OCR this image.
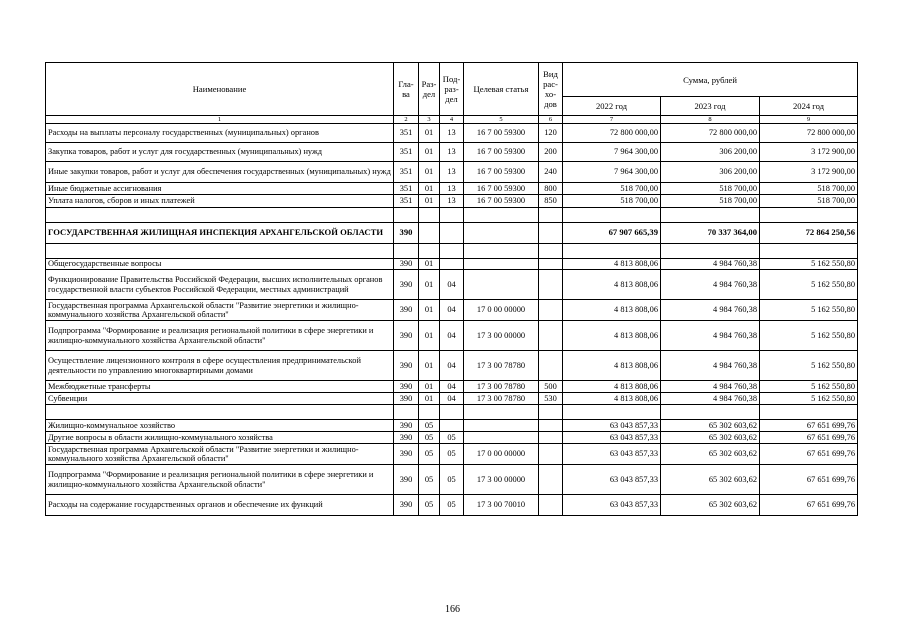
Наименование	Гла-ва	Раз-дел	Под-раз-дел	Целевая статья	Вид рас-хо-дов	Сумма, рублей		
						2022 год	2023 год	2024 год
1	2	3	4	5	6	7	8	9
Расходы на выплаты персоналу государственных (муниципальных) органов	351	01	13	16 7 00 59300	120	72 800 000,00	72 800 000,00	72 800 000,00
Закупка товаров, работ и услуг для государственных (муниципальных) нужд	351	01	13	16 7 00 59300	200	7 964 300,00	306 200,00	3 172 900,00
Иные закупки товаров, работ и услуг для обеспечения государственных (муниципальных) нужд	351	01	13	16 7 00 59300	240	7 964 300,00	306 200,00	3 172 900,00
Иные бюджетные ассигнования	351	01	13	16 7 00 59300	800	518 700,00	518 700,00	518 700,00
Уплата налогов, сборов и иных платежей	351	01	13	16 7 00 59300	850	518 700,00	518 700,00	518 700,00

ГОСУДАРСТВЕННАЯ ЖИЛИЩНАЯ ИНСПЕКЦИЯ АРХАНГЕЛЬСКОЙ ОБЛАСТИ	390					67 907 665,39	70 337 364,00	72 864 250,56

Общегосударственные вопросы	390	01				4 813 808,06	4 984 760,38	5 162 550,80
Функционирование Правительства Российской Федерации, высших исполнительных органов государственной власти субъектов Российской Федерации, местных администраций	390	01	04			4 813 808,06	4 984 760,38	5 162 550,80
Государственная программа Архангельской области "Развитие энергетики и жилищно-коммунального хозяйства Архангельской области"	390	01	04	17 0 00 00000		4 813 808,06	4 984 760,38	5 162 550,80
Подпрограмма "Формирование и реализация региональной политики в сфере энергетики и жилищно-коммунального хозяйства Архангельской области"	390	01	04	17 3 00 00000		4 813 808,06	4 984 760,38	5 162 550,80
Осуществление лицензионного контроля в сфере осуществления предпринимательской деятельности по управлению многоквартирными домами	390	01	04	17 3 00 78780		4 813 808,06	4 984 760,38	5 162 550,80
Межбюджетные трансферты	390	01	04	17 3 00 78780	500	4 813 808,06	4 984 760,38	5 162 550,80
Субвенции	390	01	04	17 3 00 78780	530	4 813 808,06	4 984 760,38	5 162 550,80

Жилищно-коммунальное хозяйство	390	05				63 043 857,33	65 302 603,62	67 651 699,76
Другие вопросы в области жилищно-коммунального хозяйства	390	05	05			63 043 857,33	65 302 603,62	67 651 699,76
Государственная программа Архангельской области "Развитие энергетики и жилищно-коммунального хозяйства Архангельской области"	390	05	05	17 0 00 00000		63 043 857,33	65 302 603,62	67 651 699,76
Подпрограмма "Формирование и реализация региональной политики в сфере энергетики и жилищно-коммунального хозяйства Архангельской области"	390	05	05	17 3 00 00000		63 043 857,33	65 302 603,62	67 651 699,76
Расходы на содержание государственных органов и обеспечение их функций	390	05	05	17 3 00 70010		63 043 857,33	65 302 603,62	67 651 699,76
166
